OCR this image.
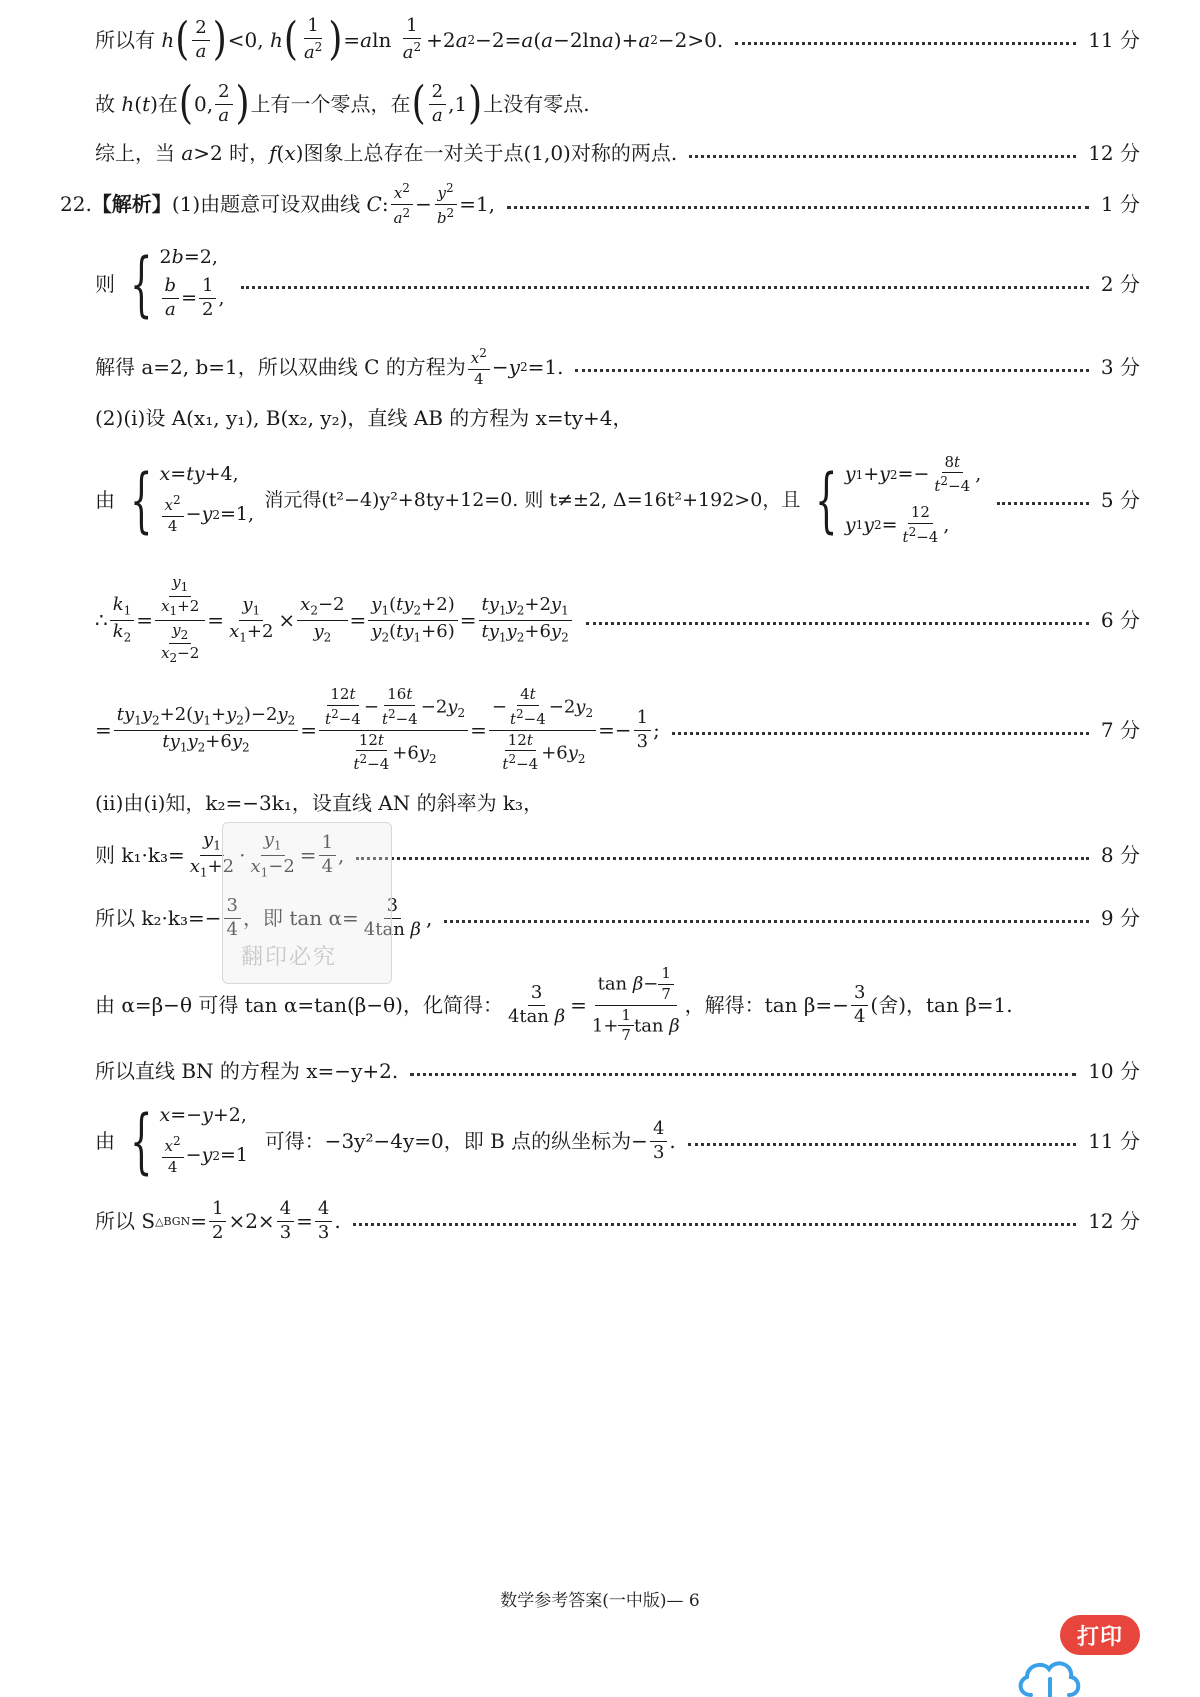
所以有
h ( $\frac{2}{a}$ ) <0, h ( $\frac{1}{a^2}$ ) = a $\ln \frac{1}{a^2} +2$ a 2 −2= a ( a −2ln a )+ a 2 −2>0.	11 分
故
h ( t ) 在 ( 0, $\frac{2}{a}$ ) 上有一个零点，在 ( $\frac{2}{a} ,1$ ) 上没有零点.
综上，当
a >2 时， f ( x ) 图象上总存在一对关于点(1,0)对称的两点.	12 分
22. 【解析】 (1)由题意可设双曲线
C : $\frac{x^2}{a^2} - \frac{y^2}{b^2} =1$,	1 分
则 { 2 b =2,
$\frac{b}{a} = \frac{1}{2}$ ,
2 分
解得 a=2, b=1，所以双曲线 C 的方程为 $\frac{x^2}{4} - y$ 2 =1.	3 分
(2)(ⅰ)设 A(x₁, y₁), B(x₂, y₂)，直线 AB 的方程为 x=ty+4，
由 { x = ty +4,
$\frac{x^2}{4} - y$ 2 =1,

消元得(t²−4)y²+8ty+12=0. 则 t≠±2, Δ=16t²+192>0，且 { y 1 + y $2 =- \frac{8t}{t^2-4}$ ,
y 1 y $2 = \frac{12}{t^2-4}$ ,
5 分
∴ $\frac{k_1}{k_2} = \frac{\frac{y_1}{x_1+2}}{\frac{y_2}{x_2-2}} = \frac{y_1}{x_1+2} \times \frac{x_2-2}{y_2} = \frac{y_1(ty_2+2)}{y_2(ty_1+6)} = \frac{ty_1y_2+2y_1}{ty_1y_2+6y_2}$	6 分
= $\frac{ty_1y_2+2(y_1+y_2)-2y_2}{ty_1y_2+6y_2} = \frac{\frac{12t}{t^2-4} - \frac{16t}{t^2-4} -2y_2}{\frac{12t}{t^2-4} +6y_2} = \frac{- \frac{4t}{t^2-4} -2y_2}{\frac{12t}{t^2-4} +6y_2} =- \frac{1}{3}$ ;	7 分
(ⅱ)由(ⅰ)知，k₂=−3k₁，设直线 AN 的斜率为 k₃，
则 $k_1\cdot k_3= \frac{y_1}{x_1+2} \cdot \frac{y_1}{x_1-2} = \frac{1}{4}$ ,	8 分
所以 $k_2\cdot k_3= - \frac{3}{4}$ ，即 $\tan \alpha= \frac{3}{\text{4tan β}}$ ,	9 分
由 α=β−θ 可得 tan α=tan(β−θ)，化简得： $\frac{3}{\text{4tan β}} = \frac{\tan \beta- \frac{1}{7}}{1+ \frac{1}{7} \tan \beta}$ ，解得：$\tan \beta= - \frac{3}{4}$ (舍)，tan β=1.
所以直线 BN 的方程为 x=−y+2.	10 分
由 { x =− y +2,
$\frac{x^2}{4} - y$ 2 =1

可得：−3y²−4y=0，即 B 点的纵坐标为 − $\frac{4}{3}$ .	11 分
所以 S △BGN = $\frac{1}{2} \times 2\times \frac{4}{3} = \frac{4}{3}$ .	12 分
翻印必究
数学参考答案(一中版)— 6
打印
